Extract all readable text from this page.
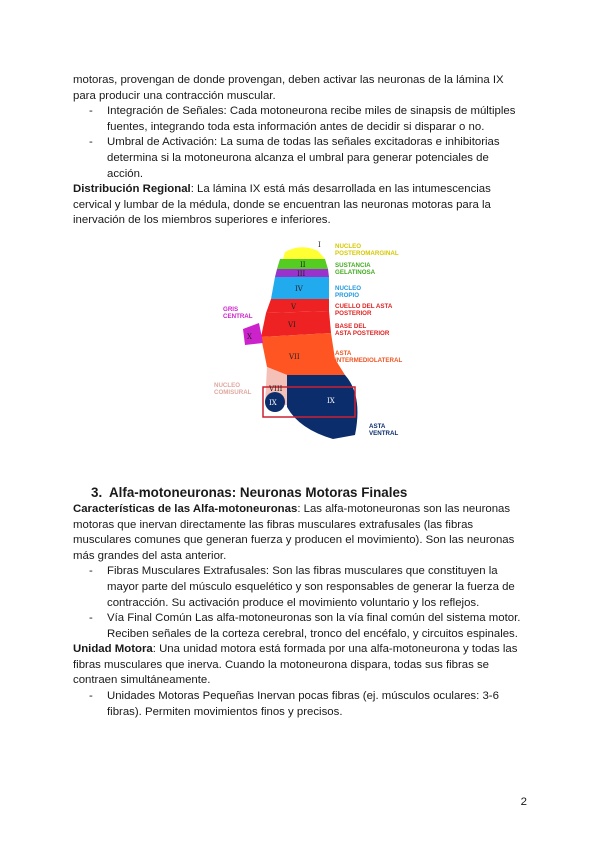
motoras, provengan de donde provengan, deben activar las neuronas de la lámina IX para producir una contracción muscular.

- Integración de Señales: Cada motoneurona recibe miles de sinapsis de múltiples fuentes, integrando toda esta información antes de decidir si disparar o no.
- Umbral de Activación: La suma de todas las señales excitadoras e inhibitorias determina si la motoneurona alcanza el umbral para generar potenciales de acción.

Distribución Regional: La lámina IX está más desarrollada en las intumescencias cervical y lumbar de la médula, donde se encuentran las neuronas motoras para la inervación de los miembros superiores e inferiores.

I
II
III
IV
V
VI
VII
VIII
IX
X
IX
NUCLEO POSTEROMARGINAL
SUSTANCIA GELATINOSA
NUCLEO PROPIO
CUELLO DEL ASTA POSTERIOR
BASE DEL ASTA POSTERIOR
ASTA INTERMEDIOLATERAL
GRIS CENTRAL
NUCLEO COMISURAL
ASTA VENTRAL
3. Alfa-motoneuronas: Neuronas Motoras Finales

Características de las Alfa-motoneuronas: Las alfa-motoneuronas son las neuronas motoras que inervan directamente las fibras musculares extrafusales (las fibras musculares comunes que generan fuerza y producen el movimiento). Son las neuronas más grandes del asta anterior.

- Fibras Musculares Extrafusales: Son las fibras musculares que constituyen la mayor parte del músculo esquelético y son responsables de generar la fuerza de contracción. Su activación produce el movimiento voluntario y los reflejos.
- Vía Final Común Las alfa-motoneuronas son la vía final común del sistema motor. Reciben señales de la corteza cerebral, tronco del encéfalo, y circuitos espinales.

Unidad Motora: Una unidad motora está formada por una alfa-motoneurona y todas las fibras musculares que inerva. Cuando la motoneurona dispara, todas sus fibras se contraen simultáneamente.

- Unidades Motoras Pequeñas Inervan pocas fibras (ej. músculos oculares: 3-6 fibras). Permiten movimientos finos y precisos.
2
